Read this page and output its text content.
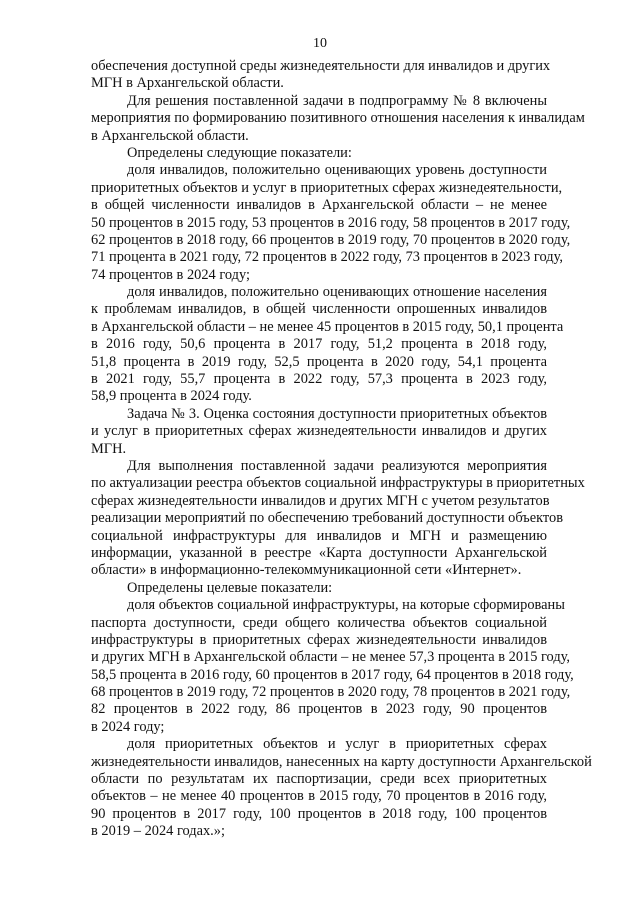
10
обеспечения доступной среды жизнедеятельности для инвалидов и других
МГН в Архангельской области.
Для решения поставленной задачи в подпрограмму № 8 включены
мероприятия по формированию позитивного отношения населения к инвалидам
в Архангельской области.
Определены следующие показатели:
доля инвалидов, положительно оценивающих уровень доступности
приоритетных объектов и услуг в приоритетных сферах жизнедеятельности,
в общей численности инвалидов в Архангельской области – не менее
50 процентов в 2015 году, 53 процентов в 2016 году, 58 процентов в 2017 году,
62 процентов в 2018 году, 66 процентов в 2019 году, 70 процентов в 2020 году,
71 процента в 2021 году, 72 процентов в 2022 году, 73 процентов в 2023 году,
74 процентов в 2024 году;
доля инвалидов, положительно оценивающих отношение населения
к проблемам инвалидов, в общей численности опрошенных инвалидов
в Архангельской области – не менее 45 процентов в 2015 году, 50,1 процента
в 2016 году, 50,6 процента в 2017 году, 51,2 процента в 2018 году,
51,8 процента в 2019 году, 52,5 процента в 2020 году, 54,1 процента
в 2021 году, 55,7 процента в 2022 году, 57,3 процента в 2023 году,
58,9 процента в 2024 году.
Задача № 3. Оценка состояния доступности приоритетных объектов
и услуг в приоритетных сферах жизнедеятельности инвалидов и других
МГН.
Для выполнения поставленной задачи реализуются мероприятия
по актуализации реестра объектов социальной инфраструктуры в приоритетных
сферах жизнедеятельности инвалидов и других МГН с учетом результатов
реализации мероприятий по обеспечению требований доступности объектов
социальной инфраструктуры для инвалидов и МГН и размещению
информации, указанной в реестре «Карта доступности Архангельской
области» в информационно-телекоммуникационной сети «Интернет».
Определены целевые показатели:
доля объектов социальной инфраструктуры, на которые сформированы
паспорта доступности, среди общего количества объектов социальной
инфраструктуры в приоритетных сферах жизнедеятельности инвалидов
и других МГН в Архангельской области – не менее 57,3 процента в 2015 году,
58,5 процента в 2016 году, 60 процентов в 2017 году, 64 процентов в 2018 году,
68 процентов в 2019 году, 72 процентов в 2020 году, 78 процентов в 2021 году,
82 процентов в 2022 году, 86 процентов в 2023 году, 90 процентов
в 2024 году;
доля приоритетных объектов и услуг в приоритетных сферах
жизнедеятельности инвалидов, нанесенных на карту доступности Архангельской
области по результатам их паспортизации, среди всех приоритетных
объектов – не менее 40 процентов в 2015 году, 70 процентов в 2016 году,
90 процентов в 2017 году, 100 процентов в 2018 году, 100 процентов
в 2019 – 2024 годах.»;
